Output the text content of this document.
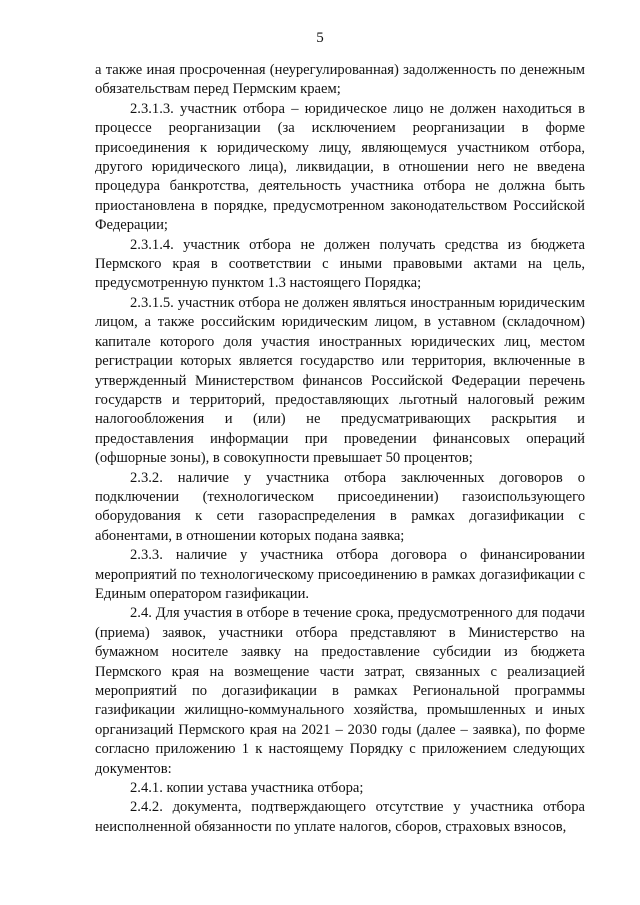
5

а также иная просроченная (неурегулированная) задолженность по денежным обязательствам перед Пермским краем;

2.3.1.3. участник отбора – юридическое лицо не должен находиться в процессе реорганизации (за исключением реорганизации в форме присоединения к юридическому лицу, являющемуся участником отбора, другого юридического лица), ликвидации, в отношении него не введена процедура банкротства, деятельность участника отбора не должна быть приостановлена в порядке, предусмотренном законодательством Российской Федерации;

2.3.1.4. участник отбора не должен получать средства из бюджета Пермского края в соответствии с иными правовыми актами на цель, предусмотренную пунктом 1.3 настоящего Порядка;

2.3.1.5. участник отбора не должен являться иностранным юридическим лицом, а также российским юридическим лицом, в уставном (складочном) капитале которого доля участия иностранных юридических лиц, местом регистрации которых является государство или территория, включенные в утвержденный Министерством финансов Российской Федерации перечень государств и территорий, предоставляющих льготный налоговый режим налогообложения и (или) не предусматривающих раскрытия и предоставления информации при проведении финансовых операций (офшорные зоны), в совокупности превышает 50 процентов;

2.3.2. наличие у участника отбора заключенных договоров о подключении (технологическом присоединении) газоиспользующего оборудования к сети газораспределения в рамках догазификации с абонентами, в отношении которых подана заявка;

2.3.3. наличие у участника отбора договора о финансировании мероприятий по технологическому присоединению в рамках догазификации с Единым оператором газификации.

2.4. Для участия в отборе в течение срока, предусмотренного для подачи (приема) заявок, участники отбора представляют в Министерство на бумажном носителе заявку на предоставление субсидии из бюджета Пермского края на возмещение части затрат, связанных с реализацией мероприятий по догазификации в рамках Региональной программы газификации жилищно-коммунального хозяйства, промышленных и иных организаций Пермского края на 2021 – 2030 годы (далее – заявка), по форме согласно приложению 1 к настоящему Порядку с приложением следующих документов:

2.4.1. копии устава участника отбора;

2.4.2. документа, подтверждающего отсутствие у участника отбора неисполненной обязанности по уплате налогов, сборов, страховых взносов,
